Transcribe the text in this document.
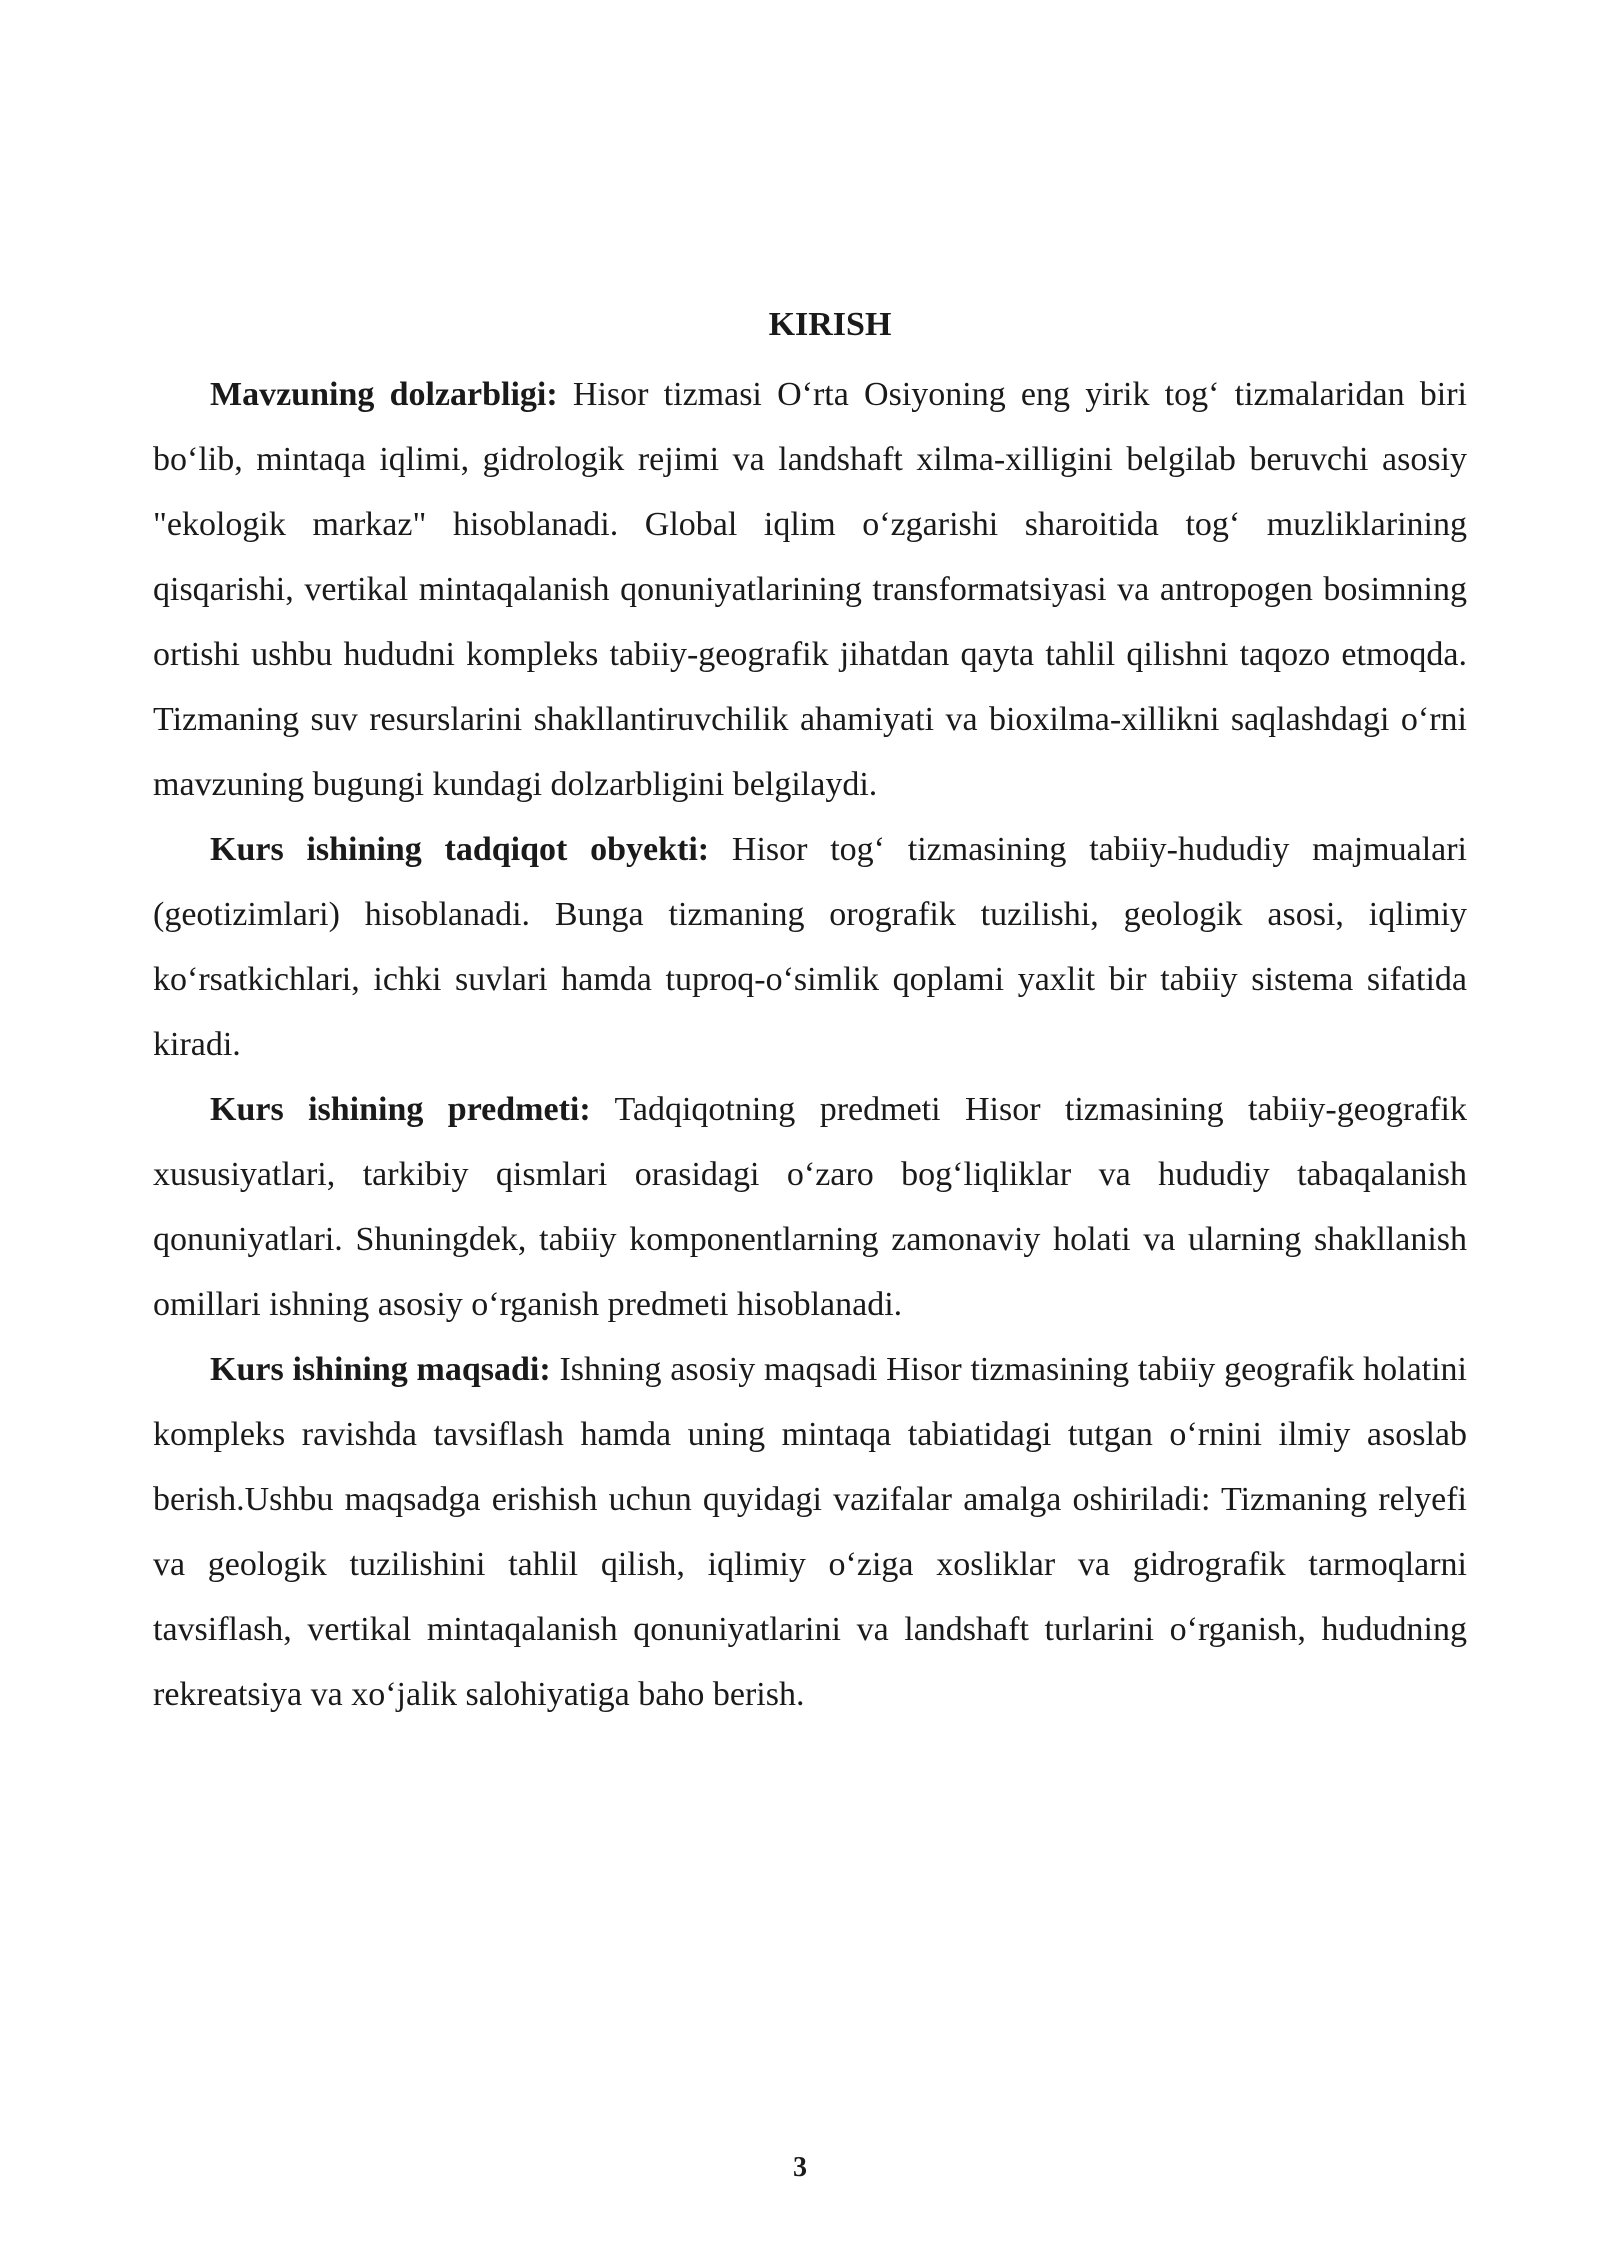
KIRISH

Mavzuning dolzarbligi: Hisor tizmasi O‘rta Osiyoning eng yirik tog‘ tizmalaridan biri bo‘lib, mintaqa iqlimi, gidrologik rejimi va landshaft xilma-xilligini belgilab beruvchi asosiy "ekologik markaz" hisoblanadi. Global iqlim o‘zgarishi sharoitida tog‘ muzliklarining qisqarishi, vertikal mintaqalanish qonuniyatlarining transformatsiyasi va antropogen bosimning ortishi ushbu hududni kompleks tabiiy-geografik jihatdan qayta tahlil qilishni taqozo etmoqda. Tizmaning suv resurslarini shakllantiruvchilik ahamiyati va bioxilma-xillikni saqlashdagi o‘rni mavzuning bugungi kundagi dolzarbligini belgilaydi.

Kurs ishining tadqiqot obyekti: Hisor tog‘ tizmasining tabiiy-hududiy majmualari (geotizimlari) hisoblanadi. Bunga tizmaning orografik tuzilishi, geologik asosi, iqlimiy ko‘rsatkichlari, ichki suvlari hamda tuproq-o‘simlik qoplami yaxlit bir tabiiy sistema sifatida kiradi.

Kurs ishining predmeti: Tadqiqotning predmeti Hisor tizmasining tabiiy-geografik xususiyatlari, tarkibiy qismlari orasidagi o‘zaro bog‘liqliklar va hududiy tabaqalanish qonuniyatlari. Shuningdek, tabiiy komponentlarning zamonaviy holati va ularning shakllanish omillari ishning asosiy o‘rganish predmeti hisoblanadi.

Kurs ishining maqsadi: Ishning asosiy maqsadi Hisor tizmasining tabiiy geografik holatini kompleks ravishda tavsiflash hamda uning mintaqa tabiatidagi tutgan o‘rnini ilmiy asoslab berish.Ushbu maqsadga erishish uchun quyidagi vazifalar amalga oshiriladi: Tizmaning relyefi va geologik tuzilishini tahlil qilish, iqlimiy o‘ziga xosliklar va gidrografik tarmoqlarni tavsiflash, vertikal mintaqalanish qonuniyatlarini va landshaft turlarini o‘rganish, hududning rekreatsiya va xo‘jalik salohiyatiga baho berish.

3
